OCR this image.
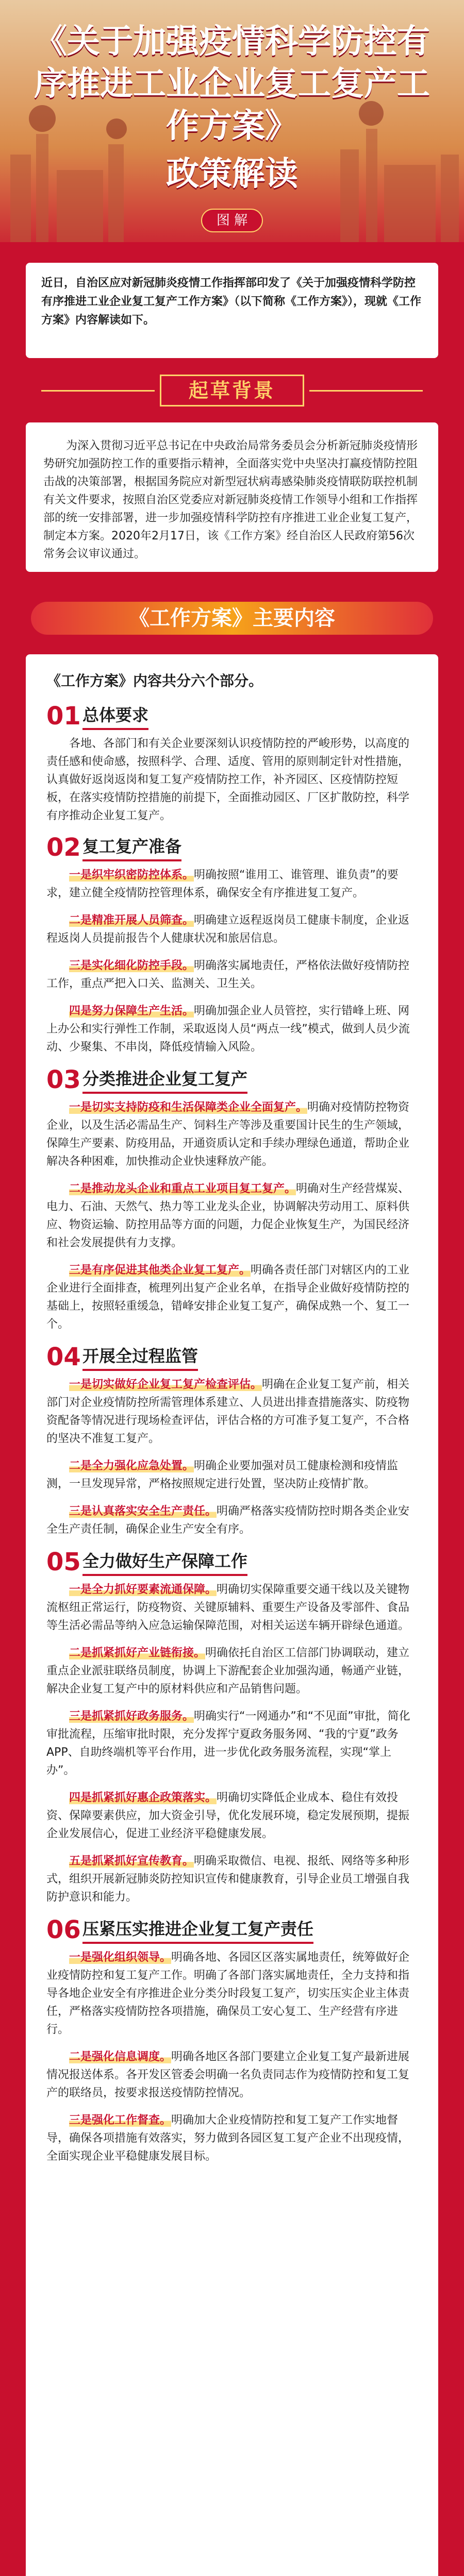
《关于加强疫情科学防控有序推进工业企业复工复产工作方案》
政策解读
图 解

近日，自治区应对新冠肺炎疫情工作指挥部印发了《关于加强疫情科学防控有序推进工业企业复工复产工作方案》（以下简称《工作方案》），现就《工作方案》内容解读如下。

起草背景

为深入贯彻习近平总书记在中央政治局常务委员会分析新冠肺炎疫情形势研究加强防控工作的重要指示精神，全面落实党中央坚决打赢疫情防控阻击战的决策部署，根据国务院应对新型冠状病毒感染肺炎疫情联防联控机制有关文件要求，按照自治区党委应对新冠肺炎疫情工作领导小组和工作指挥部的统一安排部署，进一步加强疫情科学防控有序推进工业企业复工复产，制定本方案。2020年2月17日，该《工作方案》经自治区人民政府第56次常务会议审议通过。

《工作方案》主要内容
《工作方案》内容共分六个部分。
01 总体要求

各地、各部门和有关企业要深刻认识疫情防控的严峻形势，以高度的责任感和使命感，按照科学、合理、适度、管用的原则制定针对性措施，认真做好返岗返岗和复工复产疫情防控工作，补齐园区、区疫情防控短板，在落实疫情防控措施的前提下，全面推动园区、厂区扩散防控，科学有序推动企业复工复产。

02 复工复产准备

一是织牢织密防控体系。明确按照“谁用工、谁管理、谁负责”的要求，建立健全疫情防控管理体系，确保安全有序推进复工复产。

二是精准开展人员筛查。明确建立返程返岗员工健康卡制度，企业返程返岗人员提前报告个人健康状况和旅居信息。

三是实化细化防控手段。明确落实属地责任，严格依法做好疫情防控工作，重点严把入口关、监测关、卫生关。

四是努力保障生产生活。明确加强企业人员管控，实行错峰上班、网上办公和实行弹性工作制，采取返岗人员“两点一线”模式，做到人员少流动、少聚集、不串岗，降低疫情输入风险。

03 分类推进企业复工复产

一是切实支持防疫和生活保障类企业全面复产。明确对疫情防控物资企业，以及生活必需品生产、饲料生产等涉及重要国计民生的生产领域，保障生产要素、防疫用品，开通资质认定和手续办理绿色通道，帮助企业解决各种困难，加快推动企业快速释放产能。

二是推动龙头企业和重点工业项目复工复产。明确对生产经营煤炭、电力、石油、天然气、热力等工业龙头企业，协调解决劳动用工、原料供应、物资运输、防控用品等方面的问题，力促企业恢复生产，为国民经济和社会发展提供有力支撑。

三是有序促进其他类企业复工复产。明确各责任部门对辖区内的工业企业进行全面排查，梳理列出复产企业名单，在指导企业做好疫情防控的基础上，按照轻重缓急，错峰安排企业复工复产，确保成熟一个、复工一个。

04 开展全过程监管

一是切实做好企业复工复产检查评估。明确在企业复工复产前，相关部门对企业疫情防控所需管理体系建立、人员进出排查措施落实、防疫物资配备等情况进行现场检查评估，评估合格的方可准予复工复产，不合格的坚决不准复工复产。

二是全力强化应急处置。明确企业要加强对员工健康检测和疫情监测，一旦发现异常，严格按照规定进行处置，坚决防止疫情扩散。

三是认真落实安全生产责任。明确严格落实疫情防控时期各类企业安全生产责任制，确保企业生产安全有序。

05 全力做好生产保障工作

一是全力抓好要素流通保障。明确切实保障重要交通干线以及关键物流枢纽正常运行，防疫物资、关键原辅料、重要生产设备及零部件、食品等生活必需品等纳入应急运输保障范围，对相关运送车辆开辟绿色通道。

二是抓紧抓好产业链衔接。明确依托自治区工信部门协调联动，建立重点企业派驻联络员制度，协调上下游配套企业加强沟通，畅通产业链，解决企业复工复产中的原材料供应和产品销售问题。

三是抓紧抓好政务服务。明确实行“一网通办”和“不见面”审批，简化审批流程，压缩审批时限，充分发挥宁夏政务服务网、“我的宁夏”政务APP、自助终端机等平台作用，进一步优化政务服务流程，实现“掌上办”。

四是抓紧抓好惠企政策落实。明确切实降低企业成本、稳住有效投资、保障要素供应，加大资金引导，优化发展环境，稳定发展预期，提振企业发展信心，促进工业经济平稳健康发展。

五是抓紧抓好宣传教育。明确采取微信、电视、报纸、网络等多种形式，组织开展新冠肺炎防控知识宣传和健康教育，引导企业员工增强自我防护意识和能力。

06 压紧压实推进企业复工复产责任

一是强化组织领导。明确各地、各园区区落实属地责任，统筹做好企业疫情防控和复工复产工作。明确了各部门落实属地责任，全力支持和指导各地企业安全有序推进企业分类分时段复工复产，切实压实企业主体责任，严格落实疫情防控各项措施，确保员工安心复工、生产经营有序进行。

二是强化信息调度。明确各地区各部门要建立企业复工复产最新进展情况报送体系。各开发区管委会明确一名负责同志作为疫情防控和复工复产的联络员，按要求报送疫情防控情况。

三是强化工作督查。明确加大企业疫情防控和复工复产工作实地督导，确保各项措施有效落实，努力做到各园区复工复产企业不出现疫情，全面实现企业平稳健康发展目标。
